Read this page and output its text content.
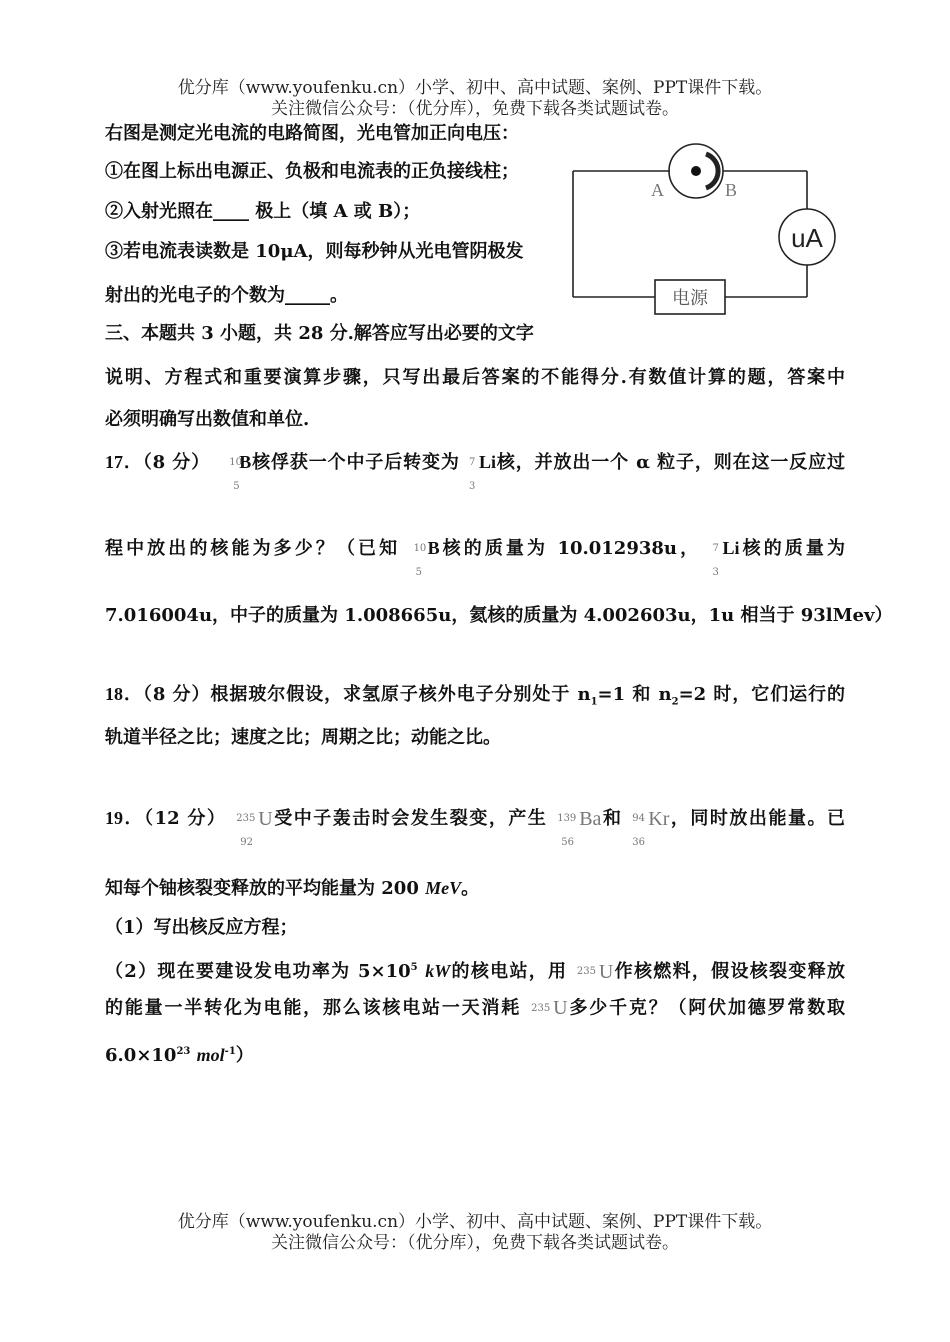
优分库（www.youfenku.cn）小学、初中、高中试题、案例、PPT课件下载。
关注微信公众号：（优分库），免费下载各类试题试卷。
右图是测定光电流的电路简图，光电管加正向电压：
①在图上标出电源正、负极和电流表的正负接线柱；
②入射光照在____ 极上（填 A 或 B）；
③若电流表读数是 10μA，则每秒钟从光电管阴极发
射出的光电子的个数为_____。
A	B
uA
电源
三、本题共 3 小题，共 28 分.解答应写出必要的文字
说明、方程式和重要演算步骤，只写出最后答案的不能得分.有数值计算的题，答案中
必须明确写出数值和单位.
17．（8 分） 10
5
B核俘获一个中子后转变为 7
3
Li核，并放出一个 α 粒子，则在这一反应过
程中放出的核能为多少？（已知 10
5
B核的质量为 10.012938u， 7
3
Li核的质量为
7.016004u，中子的质量为 1.008665u，氦核的质量为 4.002603u，1u 相当于 93lMev）
18．（8 分）根据玻尔假设，求氢原子核外电子分别处于 $n_1=1$ 和 $n_2=2$ 时，它们运行的
轨道半径之比；速度之比；周期之比；动能之比。
19．（12 分） 235
92
U受中子轰击时会发生裂变，产生 139
56
Ba和 94
36
Kr，同时放出能量。已
知每个铀核裂变释放的平均能量为 200 MeV。
（1）写出核反应方程；
（2）现在要建设发电功率为 $5\times 10^5$ kW的核电站，用 235 U作核燃料，假设核裂变释放
的能量一半转化为电能，那么该核电站一天消耗 235 U多少千克？（阿伏加德罗常数取
$6.0\times 10^{23}$ mol$^{-1}$）
优分库（www.youfenku.cn）小学、初中、高中试题、案例、PPT课件下载。
关注微信公众号：（优分库），免费下载各类试题试卷。
